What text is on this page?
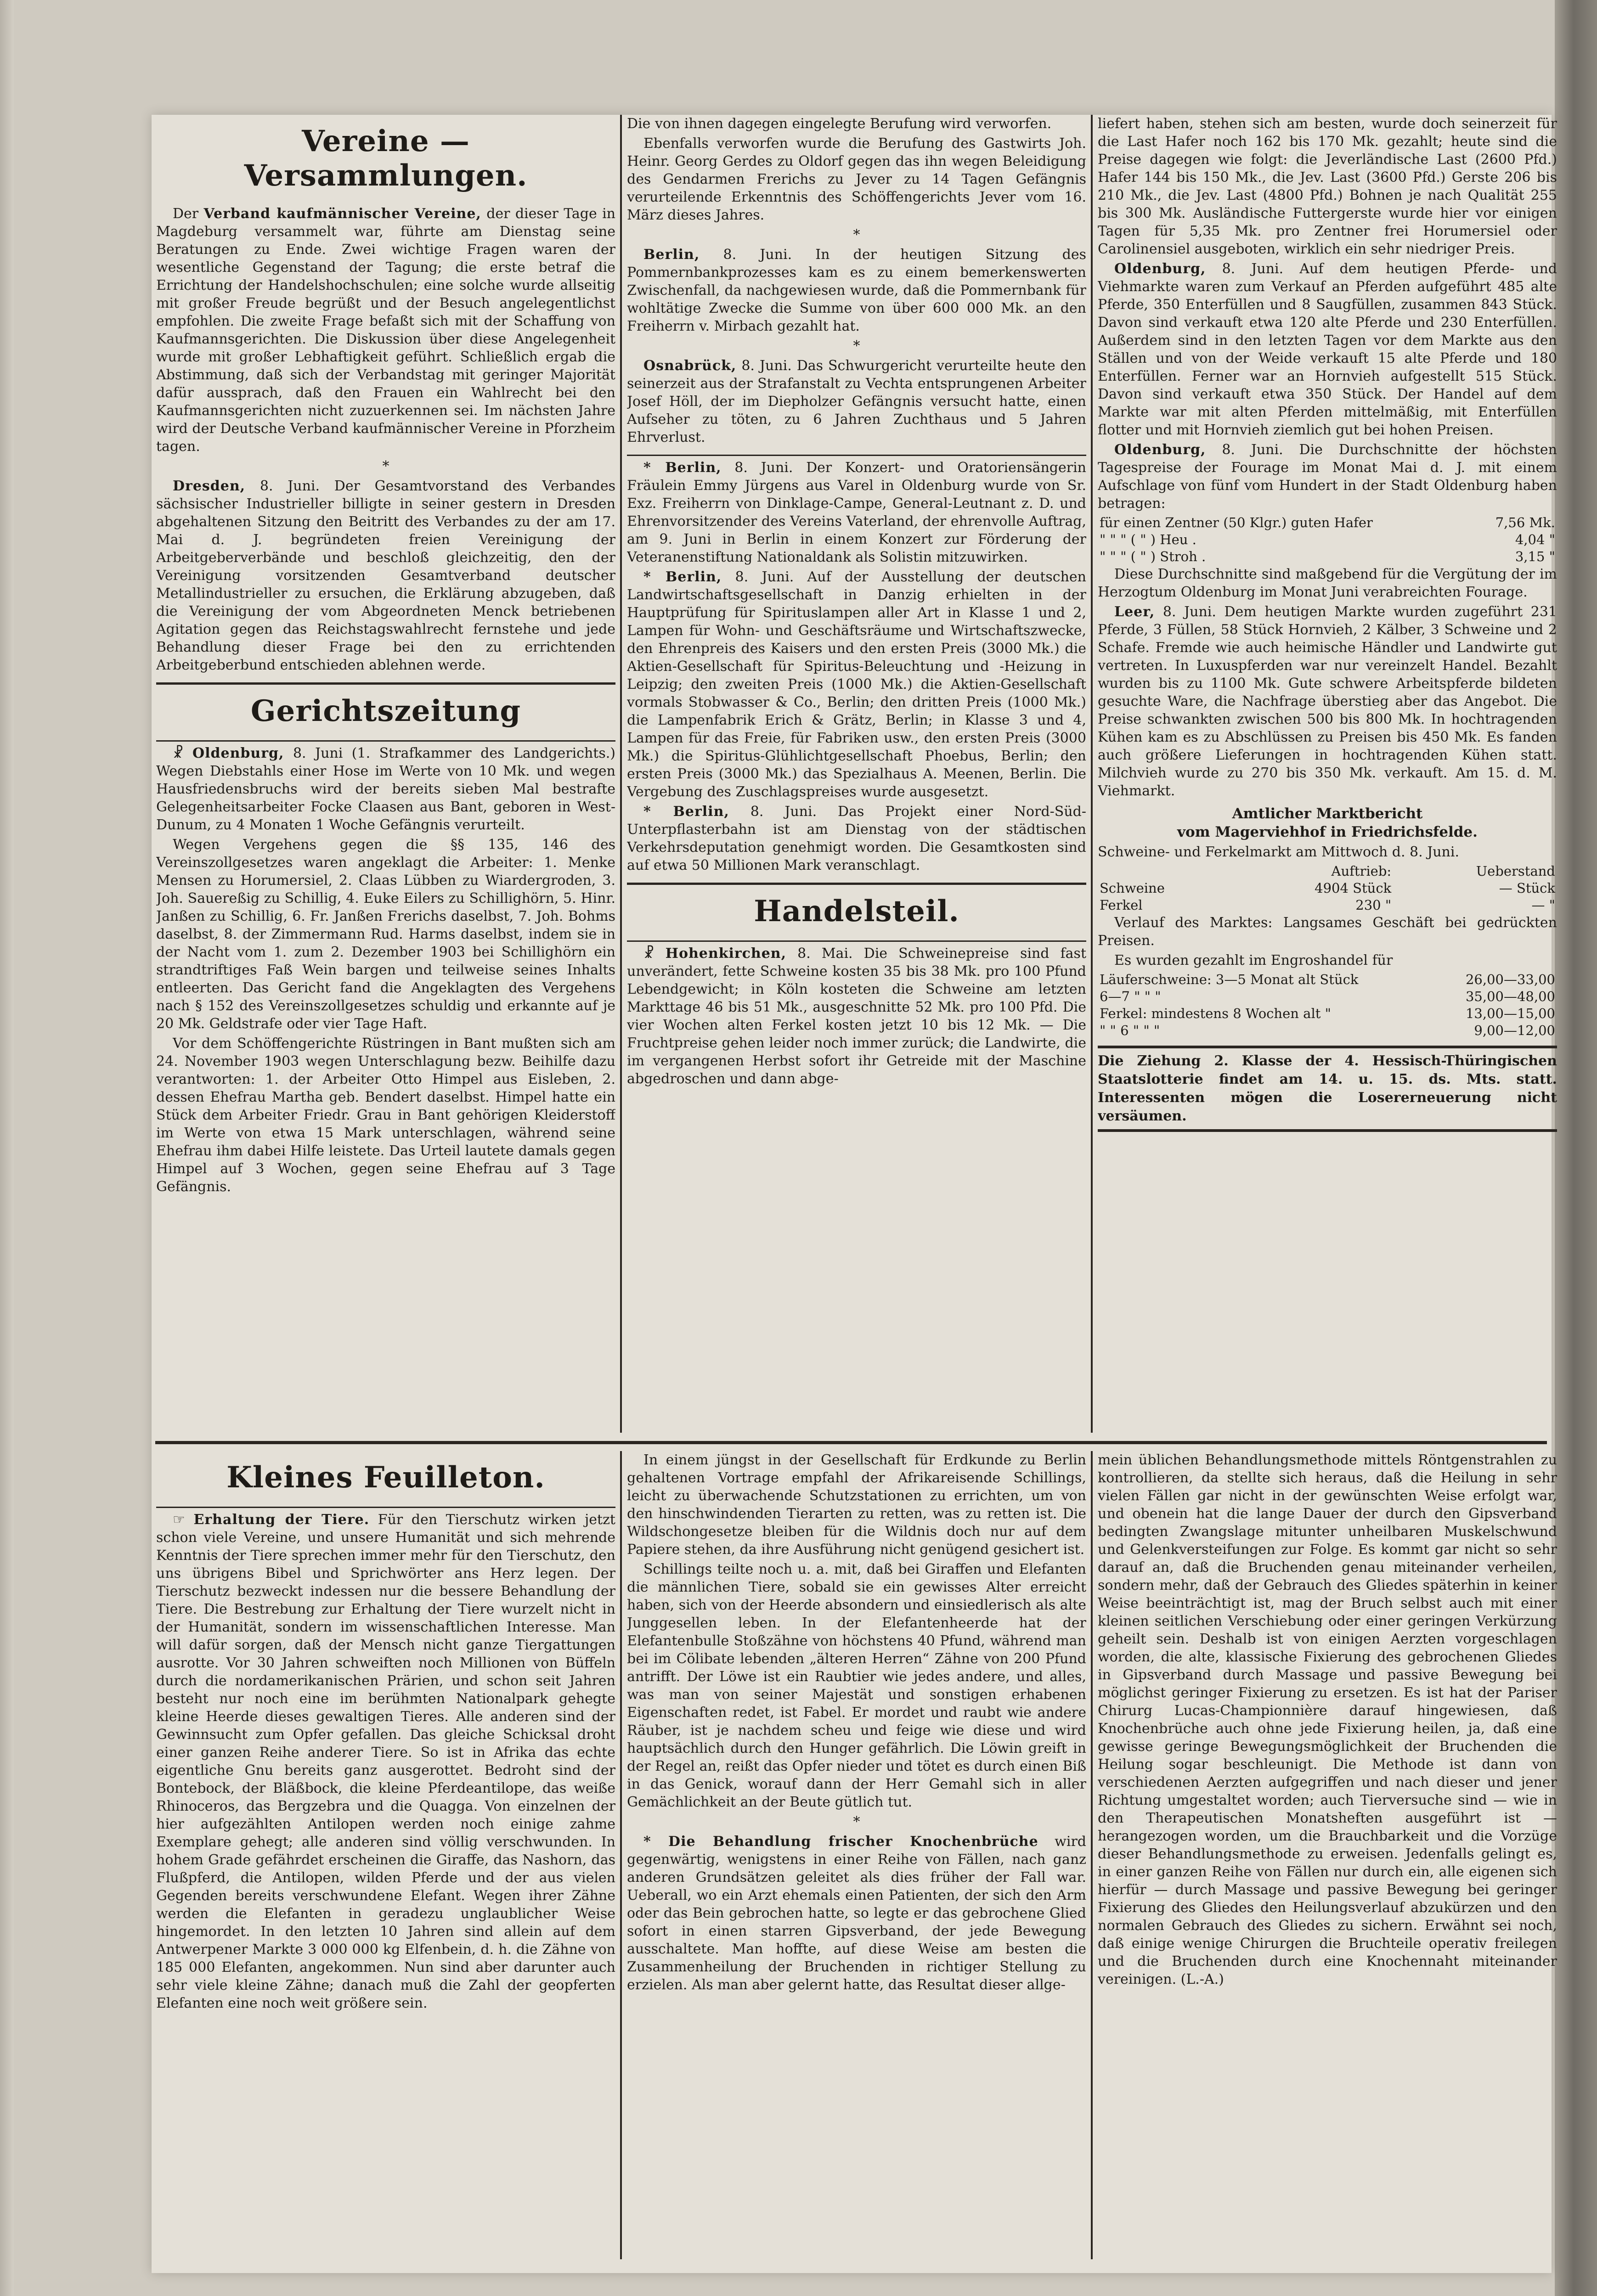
Vereine — Versammlungen.

Der Verband kaufmännischer Vereine, der dieser Tage in Magdeburg versammelt war, führte am Dienstag seine Beratungen zu Ende. Zwei wichtige Fragen waren der wesentliche Gegenstand der Tagung; die erste betraf die Errichtung der Handelshochschulen; eine solche wurde allseitig mit großer Freude begrüßt und der Besuch angelegentlichst empfohlen. Die zweite Frage befaßt sich mit der Schaffung von Kaufmannsgerichten. Die Diskussion über diese Angelegenheit wurde mit großer Lebhaftigkeit geführt. Schließlich ergab die Abstimmung, daß sich der Verbandstag mit geringer Majorität dafür aussprach, daß den Frauen ein Wahlrecht bei den Kaufmannsgerichten nicht zuzuerkennen sei. Im nächsten Jahre wird der Deutsche Verband kaufmännischer Vereine in Pforzheim tagen.

*

Dresden, 8. Juni. Der Gesamtvorstand des Verbandes sächsischer Industrieller billigte in seiner gestern in Dresden abgehaltenen Sitzung den Beitritt des Verbandes zu der am 17. Mai d. J. begründeten freien Vereinigung der Arbeitgeberverbände und beschloß gleichzeitig, den der Vereinigung vorsitzenden Gesamtverband deutscher Metallindustrieller zu ersuchen, die Erklärung abzugeben, daß die Vereinigung der vom Abgeordneten Menck betriebenen Agitation gegen das Reichstagswahlrecht fernstehe und jede Behandlung dieser Frage bei den zu errichtenden Arbeitgeberbund entschieden ablehnen werde.

Gerichtszeitung

☧ Oldenburg, 8. Juni (1. Strafkammer des Landgerichts.) Wegen Diebstahls einer Hose im Werte von 10 Mk. und wegen Hausfriedensbruchs wird der bereits sieben Mal bestrafte Gelegenheitsarbeiter Focke Claasen aus Bant, geboren in West-Dunum, zu 4 Monaten 1 Woche Gefängnis verurteilt.

Wegen Vergehens gegen die §§ 135, 146 des Vereinszollgesetzes waren angeklagt die Arbeiter: 1. Menke Mensen zu Horumersiel, 2. Claas Lübben zu Wiardergroden, 3. Joh. Sauereßig zu Schillig, 4. Euke Eilers zu Schillighörn, 5. Hinr. Janßen zu Schillig, 6. Fr. Janßen Frerichs daselbst, 7. Joh. Bohms daselbst, 8. der Zimmermann Rud. Harms daselbst, indem sie in der Nacht vom 1. zum 2. Dezember 1903 bei Schillighörn ein strandtriftiges Faß Wein bargen und teilweise seines Inhalts entleerten. Das Gericht fand die Angeklagten des Vergehens nach § 152 des Vereinszollgesetzes schuldig und erkannte auf je 20 Mk. Geldstrafe oder vier Tage Haft.

Vor dem Schöffengerichte Rüstringen in Bant mußten sich am 24. November 1903 wegen Unterschlagung bezw. Beihilfe dazu verantworten: 1. der Arbeiter Otto Himpel aus Eisleben, 2. dessen Ehefrau Martha geb. Bendert daselbst. Himpel hatte ein Stück dem Arbeiter Friedr. Grau in Bant gehörigen Kleiderstoff im Werte von etwa 15 Mark unterschlagen, während seine Ehefrau ihm dabei Hilfe leistete. Das Urteil lautete damals gegen Himpel auf 3 Wochen, gegen seine Ehefrau auf 3 Tage Gefängnis.

Die von ihnen dagegen eingelegte Berufung wird verworfen.

Ebenfalls verworfen wurde die Berufung des Gastwirts Joh. Heinr. Georg Gerdes zu Oldorf gegen das ihn wegen Beleidigung des Gendarmen Frerichs zu Jever zu 14 Tagen Gefängnis verurteilende Erkenntnis des Schöffengerichts Jever vom 16. März dieses Jahres.

*

Berlin, 8. Juni. In der heutigen Sitzung des Pommernbankprozesses kam es zu einem bemerkenswerten Zwischenfall, da nachgewiesen wurde, daß die Pommernbank für wohltätige Zwecke die Summe von über 600 000 Mk. an den Freiherrn v. Mirbach gezahlt hat.

*

Osnabrück, 8. Juni. Das Schwurgericht verurteilte heute den seinerzeit aus der Strafanstalt zu Vechta entsprungenen Arbeiter Josef Höll, der im Diepholzer Gefängnis versucht hatte, einen Aufseher zu töten, zu 6 Jahren Zuchthaus und 5 Jahren Ehrverlust.

* Berlin, 8. Juni. Der Konzert- und Oratoriensängerin Fräulein Emmy Jürgens aus Varel in Oldenburg wurde von Sr. Exz. Freiherrn von Dinklage-Campe, General-Leutnant z. D. und Ehrenvorsitzender des Vereins Vaterland, der ehrenvolle Auftrag, am 9. Juni in Berlin in einem Konzert zur Förderung der Veteranenstiftung Nationaldank als Solistin mitzuwirken.

* Berlin, 8. Juni. Auf der Ausstellung der deutschen Landwirtschaftsgesellschaft in Danzig erhielten in der Hauptprüfung für Spirituslampen aller Art in Klasse 1 und 2, Lampen für Wohn- und Geschäftsräume und Wirtschaftszwecke, den Ehrenpreis des Kaisers und den ersten Preis (3000 Mk.) die Aktien-Gesellschaft für Spiritus-Beleuchtung und -Heizung in Leipzig; den zweiten Preis (1000 Mk.) die Aktien-Gesellschaft vormals Stobwasser & Co., Berlin; den dritten Preis (1000 Mk.) die Lampenfabrik Erich & Grätz, Berlin; in Klasse 3 und 4, Lampen für das Freie, für Fabriken usw., den ersten Preis (3000 Mk.) die Spiritus-Glühlichtgesellschaft Phoebus, Berlin; den ersten Preis (3000 Mk.) das Spezialhaus A. Meenen, Berlin. Die Vergebung des Zuschlagspreises wurde ausgesetzt.

* Berlin, 8. Juni. Das Projekt einer Nord-Süd-Unterpflasterbahn ist am Dienstag von der städtischen Verkehrsdeputation genehmigt worden. Die Gesamtkosten sind auf etwa 50 Millionen Mark veranschlagt.

Handelsteil.

☧ Hohenkirchen, 8. Mai. Die Schweinepreise sind fast unverändert, fette Schweine kosten 35 bis 38 Mk. pro 100 Pfund Lebendgewicht; in Köln kosteten die Schweine am letzten Markttage 46 bis 51 Mk., ausgeschnitte 52 Mk. pro 100 Pfd. Die vier Wochen alten Ferkel kosten jetzt 10 bis 12 Mk. — Die Fruchtpreise gehen leider noch immer zurück; die Landwirte, die im vergangenen Herbst sofort ihr Getreide mit der Maschine abgedroschen und dann abge-

liefert haben, stehen sich am besten, wurde doch seinerzeit für die Last Hafer noch 162 bis 170 Mk. gezahlt; heute sind die Preise dagegen wie folgt: die Jeverländische Last (2600 Pfd.) Hafer 144 bis 150 Mk., die Jev. Last (3600 Pfd.) Gerste 206 bis 210 Mk., die Jev. Last (4800 Pfd.) Bohnen je nach Qualität 255 bis 300 Mk. Ausländische Futtergerste wurde hier vor einigen Tagen für 5,35 Mk. pro Zentner frei Horumersiel oder Carolinensiel ausgeboten, wirklich ein sehr niedriger Preis.

Oldenburg, 8. Juni. Auf dem heutigen Pferde- und Viehmarkte waren zum Verkauf an Pferden aufgeführt 485 alte Pferde, 350 Enterfüllen und 8 Saugfüllen, zusammen 843 Stück. Davon sind verkauft etwa 120 alte Pferde und 230 Enterfüllen. Außerdem sind in den letzten Tagen vor dem Markte aus den Ställen und von der Weide verkauft 15 alte Pferde und 180 Enterfüllen. Ferner war an Hornvieh aufgestellt 515 Stück. Davon sind verkauft etwa 350 Stück. Der Handel auf dem Markte war mit alten Pferden mittelmäßig, mit Enterfüllen flotter und mit Hornvieh ziemlich gut bei hohen Preisen.

Oldenburg, 8. Juni. Die Durchschnitte der höchsten Tagespreise der Fourage im Monat Mai d. J. mit einem Aufschlage von fünf vom Hundert in der Stadt Oldenburg haben betragen:

für einen Zentner (50 Klgr.) guten Hafer	7,56 Mk.
" " " ( " ) Heu .	4,04 "
" " " ( " ) Stroh .	3,15 "

Diese Durchschnitte sind maßgebend für die Vergütung der im Herzogtum Oldenburg im Monat Juni verabreichten Fourage.

Leer, 8. Juni. Dem heutigen Markte wurden zugeführt 231 Pferde, 3 Füllen, 58 Stück Hornvieh, 2 Kälber, 3 Schweine und 2 Schafe. Fremde wie auch heimische Händler und Landwirte gut vertreten. In Luxuspferden war nur vereinzelt Handel. Bezahlt wurden bis zu 1100 Mk. Gute schwere Arbeitspferde bildeten gesuchte Ware, die Nachfrage überstieg aber das Angebot. Die Preise schwankten zwischen 500 bis 800 Mk. In hochtragenden Kühen kam es zu Abschlüssen zu Preisen bis 450 Mk. Es fanden auch größere Lieferungen in hochtragenden Kühen statt. Milchvieh wurde zu 270 bis 350 Mk. verkauft. Am 15. d. M. Viehmarkt.

Amtlicher Marktbericht
vom Magerviehhof in Friedrichsfelde.

Schweine- und Ferkelmarkt am Mittwoch d. 8. Juni.

	Auftrieb:	Ueberstand
Schweine	4904 Stück	— Stück
Ferkel	230 "	— "

Verlauf des Marktes: Langsames Geschäft bei gedrückten Preisen.

Es wurden gezahlt im Engroshandel für

Läuferschweine: 3—5 Monat alt Stück	26,00—33,00
6—7 " " "	35,00—48,00
Ferkel: mindestens 8 Wochen alt "	13,00—15,00
" " 6 " " "	9,00—12,00
Die Ziehung 2. Klasse der 4. Hessisch-Thüringischen Staatslotterie findet am 14. u. 15. ds. Mts. statt. Interessenten mögen die Losererneuerung nicht versäumen.
Kleines Feuilleton.

☞ Erhaltung der Tiere. Für den Tierschutz wirken jetzt schon viele Vereine, und unsere Humanität und sich mehrende Kenntnis der Tiere sprechen immer mehr für den Tierschutz, den uns übrigens Bibel und Sprichwörter ans Herz legen. Der Tierschutz bezweckt indessen nur die bessere Behandlung der Tiere. Die Bestrebung zur Erhaltung der Tiere wurzelt nicht in der Humanität, sondern im wissenschaftlichen Interesse. Man will dafür sorgen, daß der Mensch nicht ganze Tiergattungen ausrotte. Vor 30 Jahren schweiften noch Millionen von Büffeln durch die nordamerikanischen Prärien, und schon seit Jahren besteht nur noch eine im berühmten Nationalpark gehegte kleine Heerde dieses gewaltigen Tieres. Alle anderen sind der Gewinnsucht zum Opfer gefallen. Das gleiche Schicksal droht einer ganzen Reihe anderer Tiere. So ist in Afrika das echte eigentliche Gnu bereits ganz ausgerottet. Bedroht sind der Bontebock, der Bläßbock, die kleine Pferdeantilope, das weiße Rhinoceros, das Bergzebra und die Quagga. Von einzelnen der hier aufgezählten Antilopen werden noch einige zahme Exemplare gehegt; alle anderen sind völlig verschwunden. In hohem Grade gefährdet erscheinen die Giraffe, das Nashorn, das Flußpferd, die Antilopen, wilden Pferde und der aus vielen Gegenden bereits verschwundene Elefant. Wegen ihrer Zähne werden die Elefanten in geradezu unglaublicher Weise hingemordet. In den letzten 10 Jahren sind allein auf dem Antwerpener Markte 3 000 000 kg Elfenbein, d. h. die Zähne von 185 000 Elefanten, angekommen. Nun sind aber darunter auch sehr viele kleine Zähne; danach muß die Zahl der geopferten Elefanten eine noch weit größere sein.

In einem jüngst in der Gesellschaft für Erdkunde zu Berlin gehaltenen Vortrage empfahl der Afrikareisende Schillings, leicht zu überwachende Schutzstationen zu errichten, um von den hinschwindenden Tierarten zu retten, was zu retten ist. Die Wildschongesetze bleiben für die Wildnis doch nur auf dem Papiere stehen, da ihre Ausführung nicht genügend gesichert ist.

Schillings teilte noch u. a. mit, daß bei Giraffen und Elefanten die männlichen Tiere, sobald sie ein gewisses Alter erreicht haben, sich von der Heerde absondern und einsiedlerisch als alte Junggesellen leben. In der Elefantenheerde hat der Elefantenbulle Stoßzähne von höchstens 40 Pfund, während man bei im Cölibate lebenden „älteren Herren“ Zähne von 200 Pfund antrifft. Der Löwe ist ein Raubtier wie jedes andere, und alles, was man von seiner Majestät und sonstigen erhabenen Eigenschaften redet, ist Fabel. Er mordet und raubt wie andere Räuber, ist je nachdem scheu und feige wie diese und wird hauptsächlich durch den Hunger gefährlich. Die Löwin greift in der Regel an, reißt das Opfer nieder und tötet es durch einen Biß in das Genick, worauf dann der Herr Gemahl sich in aller Gemächlichkeit an der Beute gütlich tut.

*

* Die Behandlung frischer Knochenbrüche wird gegenwärtig, wenigstens in einer Reihe von Fällen, nach ganz anderen Grundsätzen geleitet als dies früher der Fall war. Ueberall, wo ein Arzt ehemals einen Patienten, der sich den Arm oder das Bein gebrochen hatte, so legte er das gebrochene Glied sofort in einen starren Gipsverband, der jede Bewegung ausschaltete. Man hoffte, auf diese Weise am besten die Zusammenheilung der Bruchenden in richtiger Stellung zu erzielen. Als man aber gelernt hatte, das Resultat dieser allge-

mein üblichen Behandlungsmethode mittels Röntgenstrahlen zu kontrollieren, da stellte sich heraus, daß die Heilung in sehr vielen Fällen gar nicht in der gewünschten Weise erfolgt war, und obenein hat die lange Dauer der durch den Gipsverband bedingten Zwangslage mitunter unheilbaren Muskelschwund und Gelenkversteifungen zur Folge. Es kommt gar nicht so sehr darauf an, daß die Bruchenden genau miteinander verheilen, sondern mehr, daß der Gebrauch des Gliedes späterhin in keiner Weise beeinträchtigt ist, mag der Bruch selbst auch mit einer kleinen seitlichen Verschiebung oder einer geringen Verkürzung geheilt sein. Deshalb ist von einigen Aerzten vorgeschlagen worden, die alte, klassische Fixierung des gebrochenen Gliedes in Gipsverband durch Massage und passive Bewegung bei möglichst geringer Fixierung zu ersetzen. Es ist hat der Pariser Chirurg Lucas-Championnière darauf hingewiesen, daß Knochenbrüche auch ohne jede Fixierung heilen, ja, daß eine gewisse geringe Bewegungsmöglichkeit der Bruchenden die Heilung sogar beschleunigt. Die Methode ist dann von verschiedenen Aerzten aufgegriffen und nach dieser und jener Richtung umgestaltet worden; auch Tierversuche sind — wie in den Therapeutischen Monatsheften ausgeführt ist — herangezogen worden, um die Brauchbarkeit und die Vorzüge dieser Behandlungsmethode zu erweisen. Jedenfalls gelingt es, in einer ganzen Reihe von Fällen nur durch ein, alle eigenen sich hierfür — durch Massage und passive Bewegung bei geringer Fixierung des Gliedes den Heilungsverlauf abzukürzen und den normalen Gebrauch des Gliedes zu sichern. Erwähnt sei noch, daß einige wenige Chirurgen die Bruchteile operativ freilegen und die Bruchenden durch eine Knochennaht miteinander vereinigen. (L.-A.)
